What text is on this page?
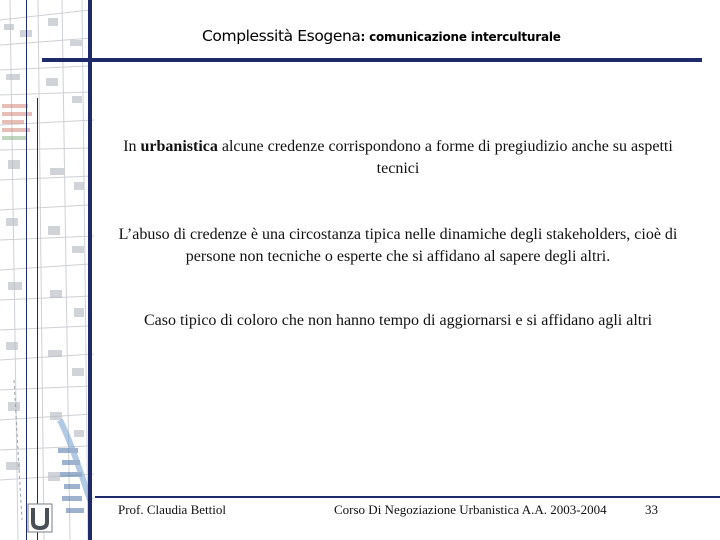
Complessità Esogena: comunicazione interculturale
In urbanistica alcune credenze corrispondono a forme di pregiudizio anche su aspetti tecnici
L’abuso di credenze è una circostanza tipica nelle dinamiche degli stakeholders, cioè di persone non tecniche o esperte che si affidano al sapere degli altri.
Caso tipico di coloro che non hanno tempo di aggiornarsi e si affidano agli altri
Prof. Claudia Bettiol	Corso Di Negoziazione Urbanistica A.A. 2003-2004	33
